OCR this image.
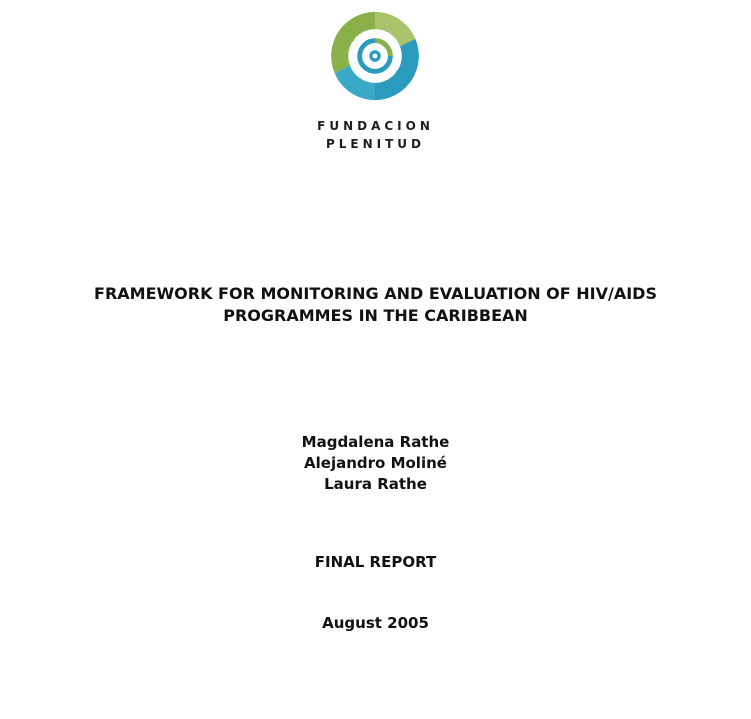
FUNDACION
PLENITUD
FRAMEWORK FOR MONITORING AND EVALUATION OF HIV/AIDS
PROGRAMMES IN THE CARIBBEAN
Magdalena Rathe
Alejandro Moliné
Laura Rathe
FINAL REPORT
August 2005
